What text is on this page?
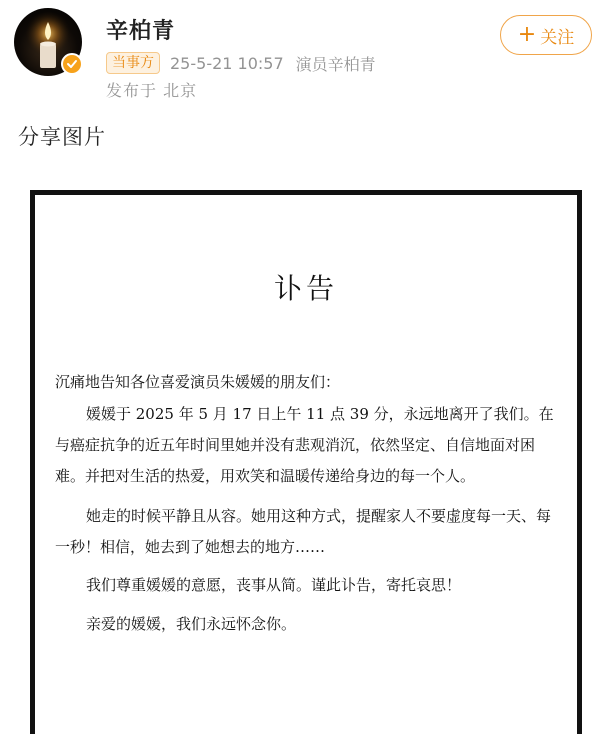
辛柏青
当事方	25-5-21 10:57 演员辛柏青
发布于 北京
+ 关注
分享图片
讣告
沉痛地告知各位喜爱演员朱媛媛的朋友们：
媛媛于 2025 年 5 月 17 日上午 11 点 39 分，永远地离开了我们。在与癌症抗争的近五年时间里她并没有悲观消沉，依然坚定、自信地面对困难。并把对生活的热爱，用欢笑和温暖传递给身边的每一个人。
她走的时候平静且从容。她用这种方式，提醒家人不要虚度每一天、每一秒！相信，她去到了她想去的地方……
我们尊重媛媛的意愿，丧事从简。谨此讣告，寄托哀思！
亲爱的媛媛，我们永远怀念你。
